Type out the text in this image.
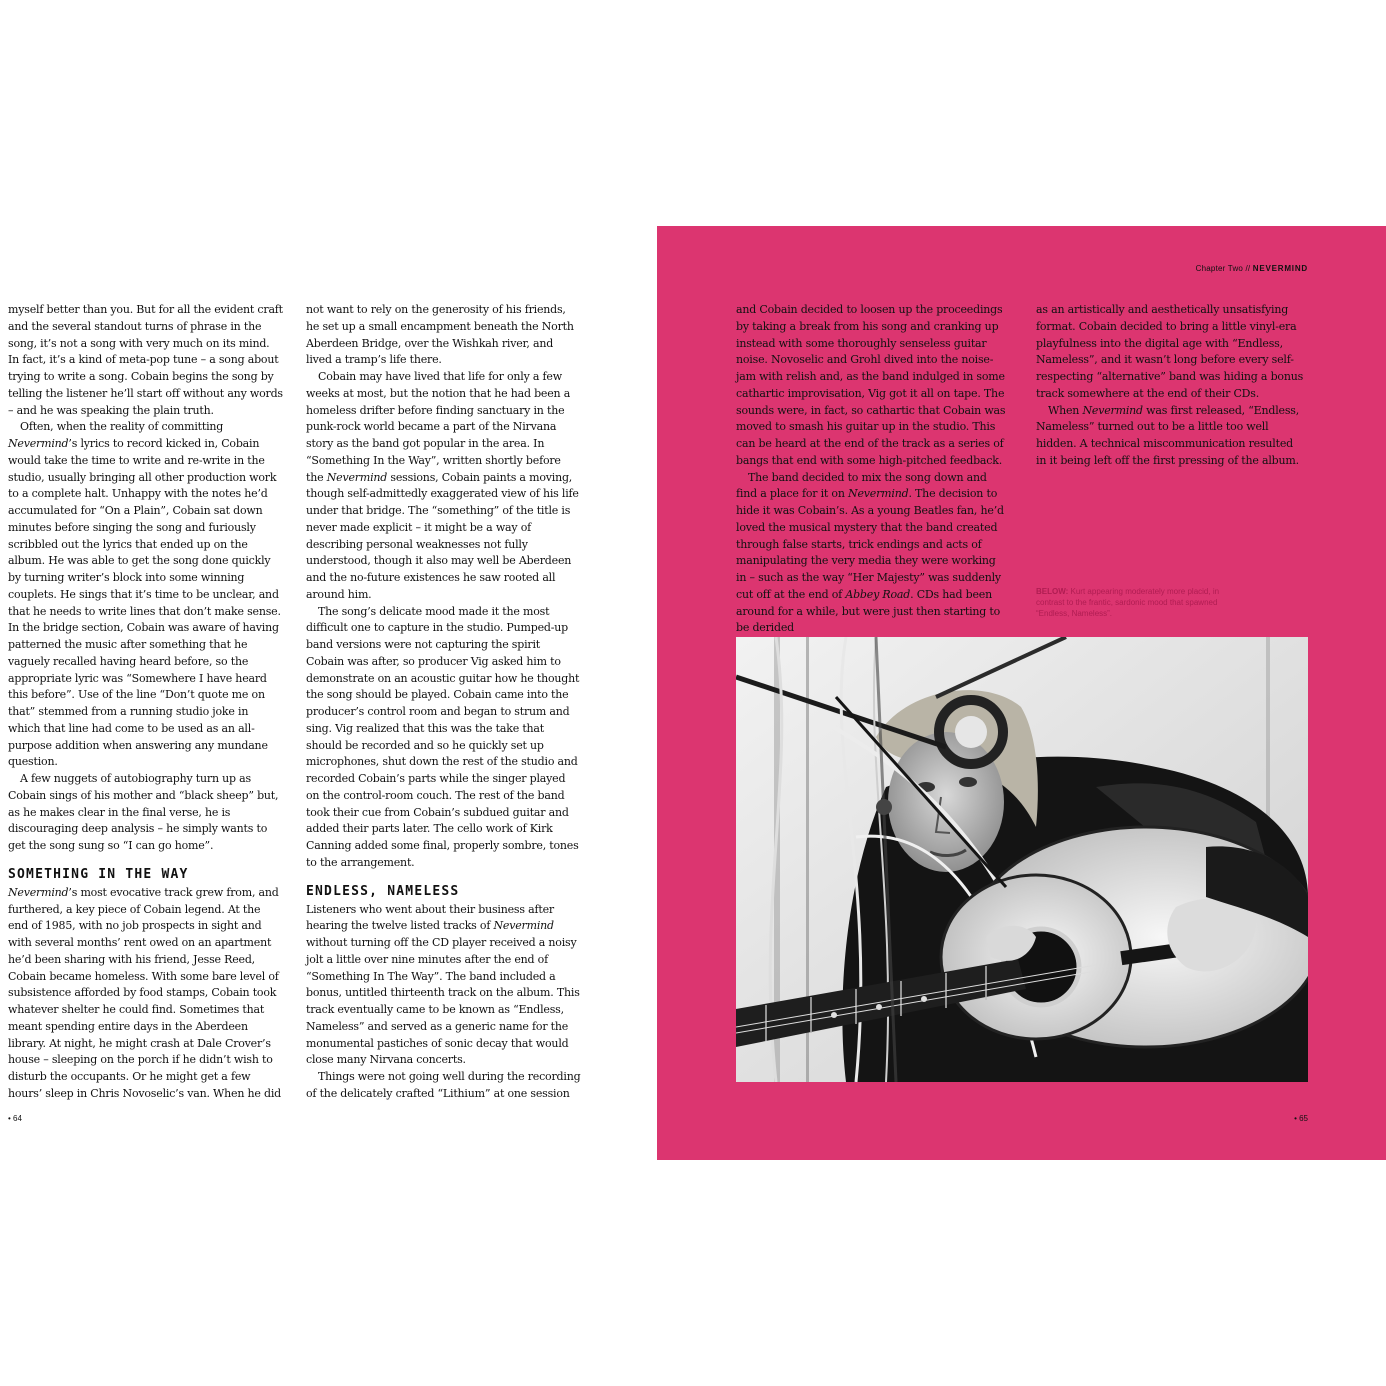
Chapter Two // NEVERMIND

myself better than you. But for all the evident craft and the several standout turns of phrase in the song, it’s not a song with very much on its mind. In fact, it’s a kind of meta-pop tune – a song about trying to write a song. Cobain begins the song by telling the listener he’ll start off without any words – and he was speaking the plain truth.

Often, when the reality of committing Nevermind’s lyrics to record kicked in, Cobain would take the time to write and re-write in the studio, usually bringing all other production work to a complete halt. Unhappy with the notes he’d accumulated for “On a Plain”, Cobain sat down minutes before singing the song and furiously scribbled out the lyrics that ended up on the album. He was able to get the song done quickly by turning writer’s block into some winning couplets. He sings that it’s time to be unclear, and that he needs to write lines that don’t make sense. In the bridge section, Cobain was aware of having patterned the music after something that he vaguely recalled having heard before, so the appropriate lyric was “Somewhere I have heard this before”. Use of the line “Don’t quote me on that” stemmed from a running studio joke in which that line had come to be used as an all-purpose addition when answering any mundane question.

A few nuggets of autobiography turn up as Cobain sings of his mother and “black sheep” but, as he makes clear in the final verse, he is discouraging deep analysis – he simply wants to get the song sung so “I can go home”.

SOMETHING IN THE WAY

Nevermind’s most evocative track grew from, and furthered, a key piece of Cobain legend. At the end of 1985, with no job prospects in sight and with several months’ rent owed on an apartment he’d been sharing with his friend, Jesse Reed, Cobain became homeless. With some bare level of subsistence afforded by food stamps, Cobain took whatever shelter he could find. Sometimes that meant spending entire days in the Aberdeen library. At night, he might crash at Dale Crover’s house – sleeping on the porch if he didn’t wish to disturb the occupants. Or he might get a few hours’ sleep in Chris Novoselic’s van. When he did

not want to rely on the generosity of his friends, he set up a small encampment beneath the North Aberdeen Bridge, over the Wishkah river, and lived a tramp’s life there.

Cobain may have lived that life for only a few weeks at most, but the notion that he had been a homeless drifter before finding sanctuary in the punk-rock world became a part of the Nirvana story as the band got popular in the area. In “Something In the Way”, written shortly before the Nevermind sessions, Cobain paints a moving, though self-admittedly exaggerated view of his life under that bridge. The “something” of the title is never made explicit – it might be a way of describing personal weaknesses not fully understood, though it also may well be Aberdeen and the no-future existences he saw rooted all around him.

The song’s delicate mood made it the most difficult one to capture in the studio. Pumped-up band versions were not capturing the spirit Cobain was after, so producer Vig asked him to demonstrate on an acoustic guitar how he thought the song should be played. Cobain came into the producer’s control room and began to strum and sing. Vig realized that this was the take that should be recorded and so he quickly set up microphones, shut down the rest of the studio and recorded Cobain’s parts while the singer played on the control-room couch. The rest of the band took their cue from Cobain’s subdued guitar and added their parts later. The cello work of Kirk Canning added some final, properly sombre, tones to the arrangement.

ENDLESS, NAMELESS

Listeners who went about their business after hearing the twelve listed tracks of Nevermind without turning off the CD player received a noisy jolt a little over nine minutes after the end of “Something In The Way”. The band included a bonus, untitled thirteenth track on the album. This track eventually came to be known as “Endless, Nameless” and served as a generic name for the monumental pastiches of sonic decay that would close many Nirvana concerts.

Things were not going well during the recording of the delicately crafted “Lithium” at one session

and Cobain decided to loosen up the proceedings by taking a break from his song and cranking up instead with some thoroughly senseless guitar noise. Novoselic and Grohl dived into the noise-jam with relish and, as the band indulged in some cathartic improvisation, Vig got it all on tape. The sounds were, in fact, so cathartic that Cobain was moved to smash his guitar up in the studio. This can be heard at the end of the track as a series of bangs that end with some high-pitched feedback.

The band decided to mix the song down and find a place for it on Nevermind. The decision to hide it was Cobain’s. As a young Beatles fan, he’d loved the musical mystery that the band created through false starts, trick endings and acts of manipulating the very media they were working in – such as the way “Her Majesty” was suddenly cut off at the end of Abbey Road. CDs had been around for a while, but were just then starting to be derided

as an artistically and aesthetically unsatisfying format. Cobain decided to bring a little vinyl-era playfulness into the digital age with “Endless, Nameless”, and it wasn’t long before every self-respecting “alternative” band was hiding a bonus track somewhere at the end of their CDs.

When Nevermind was first released, “Endless, Nameless” turned out to be a little too well hidden. A technical miscommunication resulted in it being left off the first pressing of the album.

BELOW: Kurt appearing moderately more placid, in contrast to the frantic, sardonic mood that spawned “Endless, Nameless”.
• 64	• 65
